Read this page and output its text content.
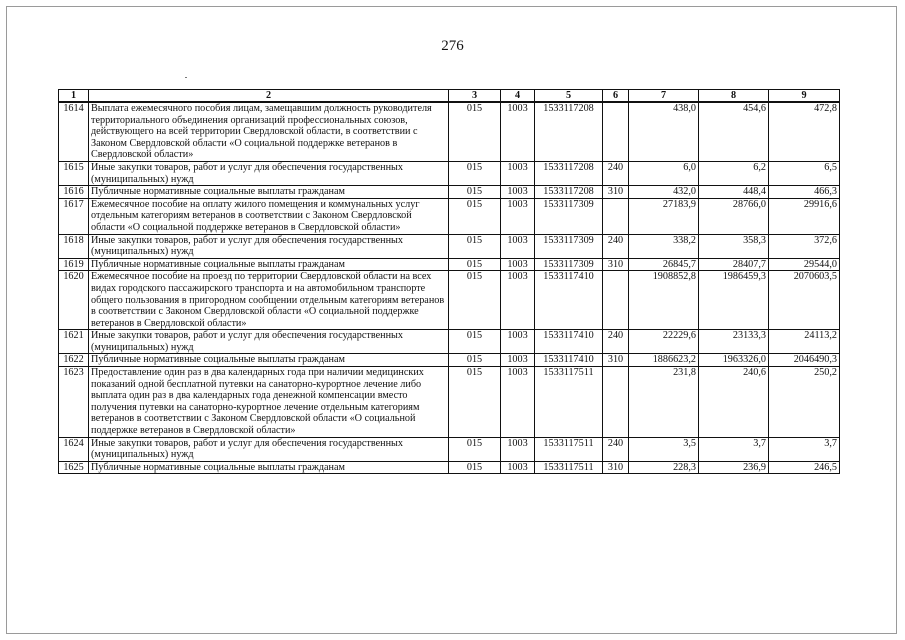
276
1	2	3	4	5	6	7	8	9
1614	Выплата ежемесячного пособия лицам, замещавшим должность руководителя территориального объединения организаций профессиональных союзов, действующего на всей территории Свердловской области, в соответствии с Законом Свердловской области «О социальной поддержке ветеранов в Свердловской области»	015	1003	1533117208		438,0	454,6	472,8
1615	Иные закупки товаров, работ и услуг для обеспечения государственных (муниципальных) нужд	015	1003	1533117208	240	6,0	6,2	6,5
1616	Публичные нормативные социальные выплаты гражданам	015	1003	1533117208	310	432,0	448,4	466,3
1617	Ежемесячное пособие на оплату жилого помещения и коммунальных услуг отдельным категориям ветеранов в соответствии с Законом Свердловской области «О социальной поддержке ветеранов в Свердловской области»	015	1003	1533117309		27183,9	28766,0	29916,6
1618	Иные закупки товаров, работ и услуг для обеспечения государственных (муниципальных) нужд	015	1003	1533117309	240	338,2	358,3	372,6
1619	Публичные нормативные социальные выплаты гражданам	015	1003	1533117309	310	26845,7	28407,7	29544,0
1620	Ежемесячное пособие на проезд по территории Свердловской области на всех видах городского пассажирского транспорта и на автомобильном транспорте общего пользования в пригородном сообщении отдельным категориям ветеранов в соответствии с Законом Свердловской области «О социальной поддержке ветеранов в Свердловской области»	015	1003	1533117410		1908852,8	1986459,3	2070603,5
1621	Иные закупки товаров, работ и услуг для обеспечения государственных (муниципальных) нужд	015	1003	1533117410	240	22229,6	23133,3	24113,2
1622	Публичные нормативные социальные выплаты гражданам	015	1003	1533117410	310	1886623,2	1963326,0	2046490,3
1623	Предоставление один раз в два календарных года при наличии медицинских показаний одной бесплатной путевки на санаторно-курортное лечение либо выплата один раз в два календарных года денежной компенсации вместо получения путевки на санаторно-курортное лечение отдельным категориям ветеранов в соответствии с Законом Свердловской области «О социальной поддержке ветеранов в Свердловской области»	015	1003	1533117511		231,8	240,6	250,2
1624	Иные закупки товаров, работ и услуг для обеспечения государственных (муниципальных) нужд	015	1003	1533117511	240	3,5	3,7	3,7
1625	Публичные нормативные социальные выплаты гражданам	015	1003	1533117511	310	228,3	236,9	246,5
